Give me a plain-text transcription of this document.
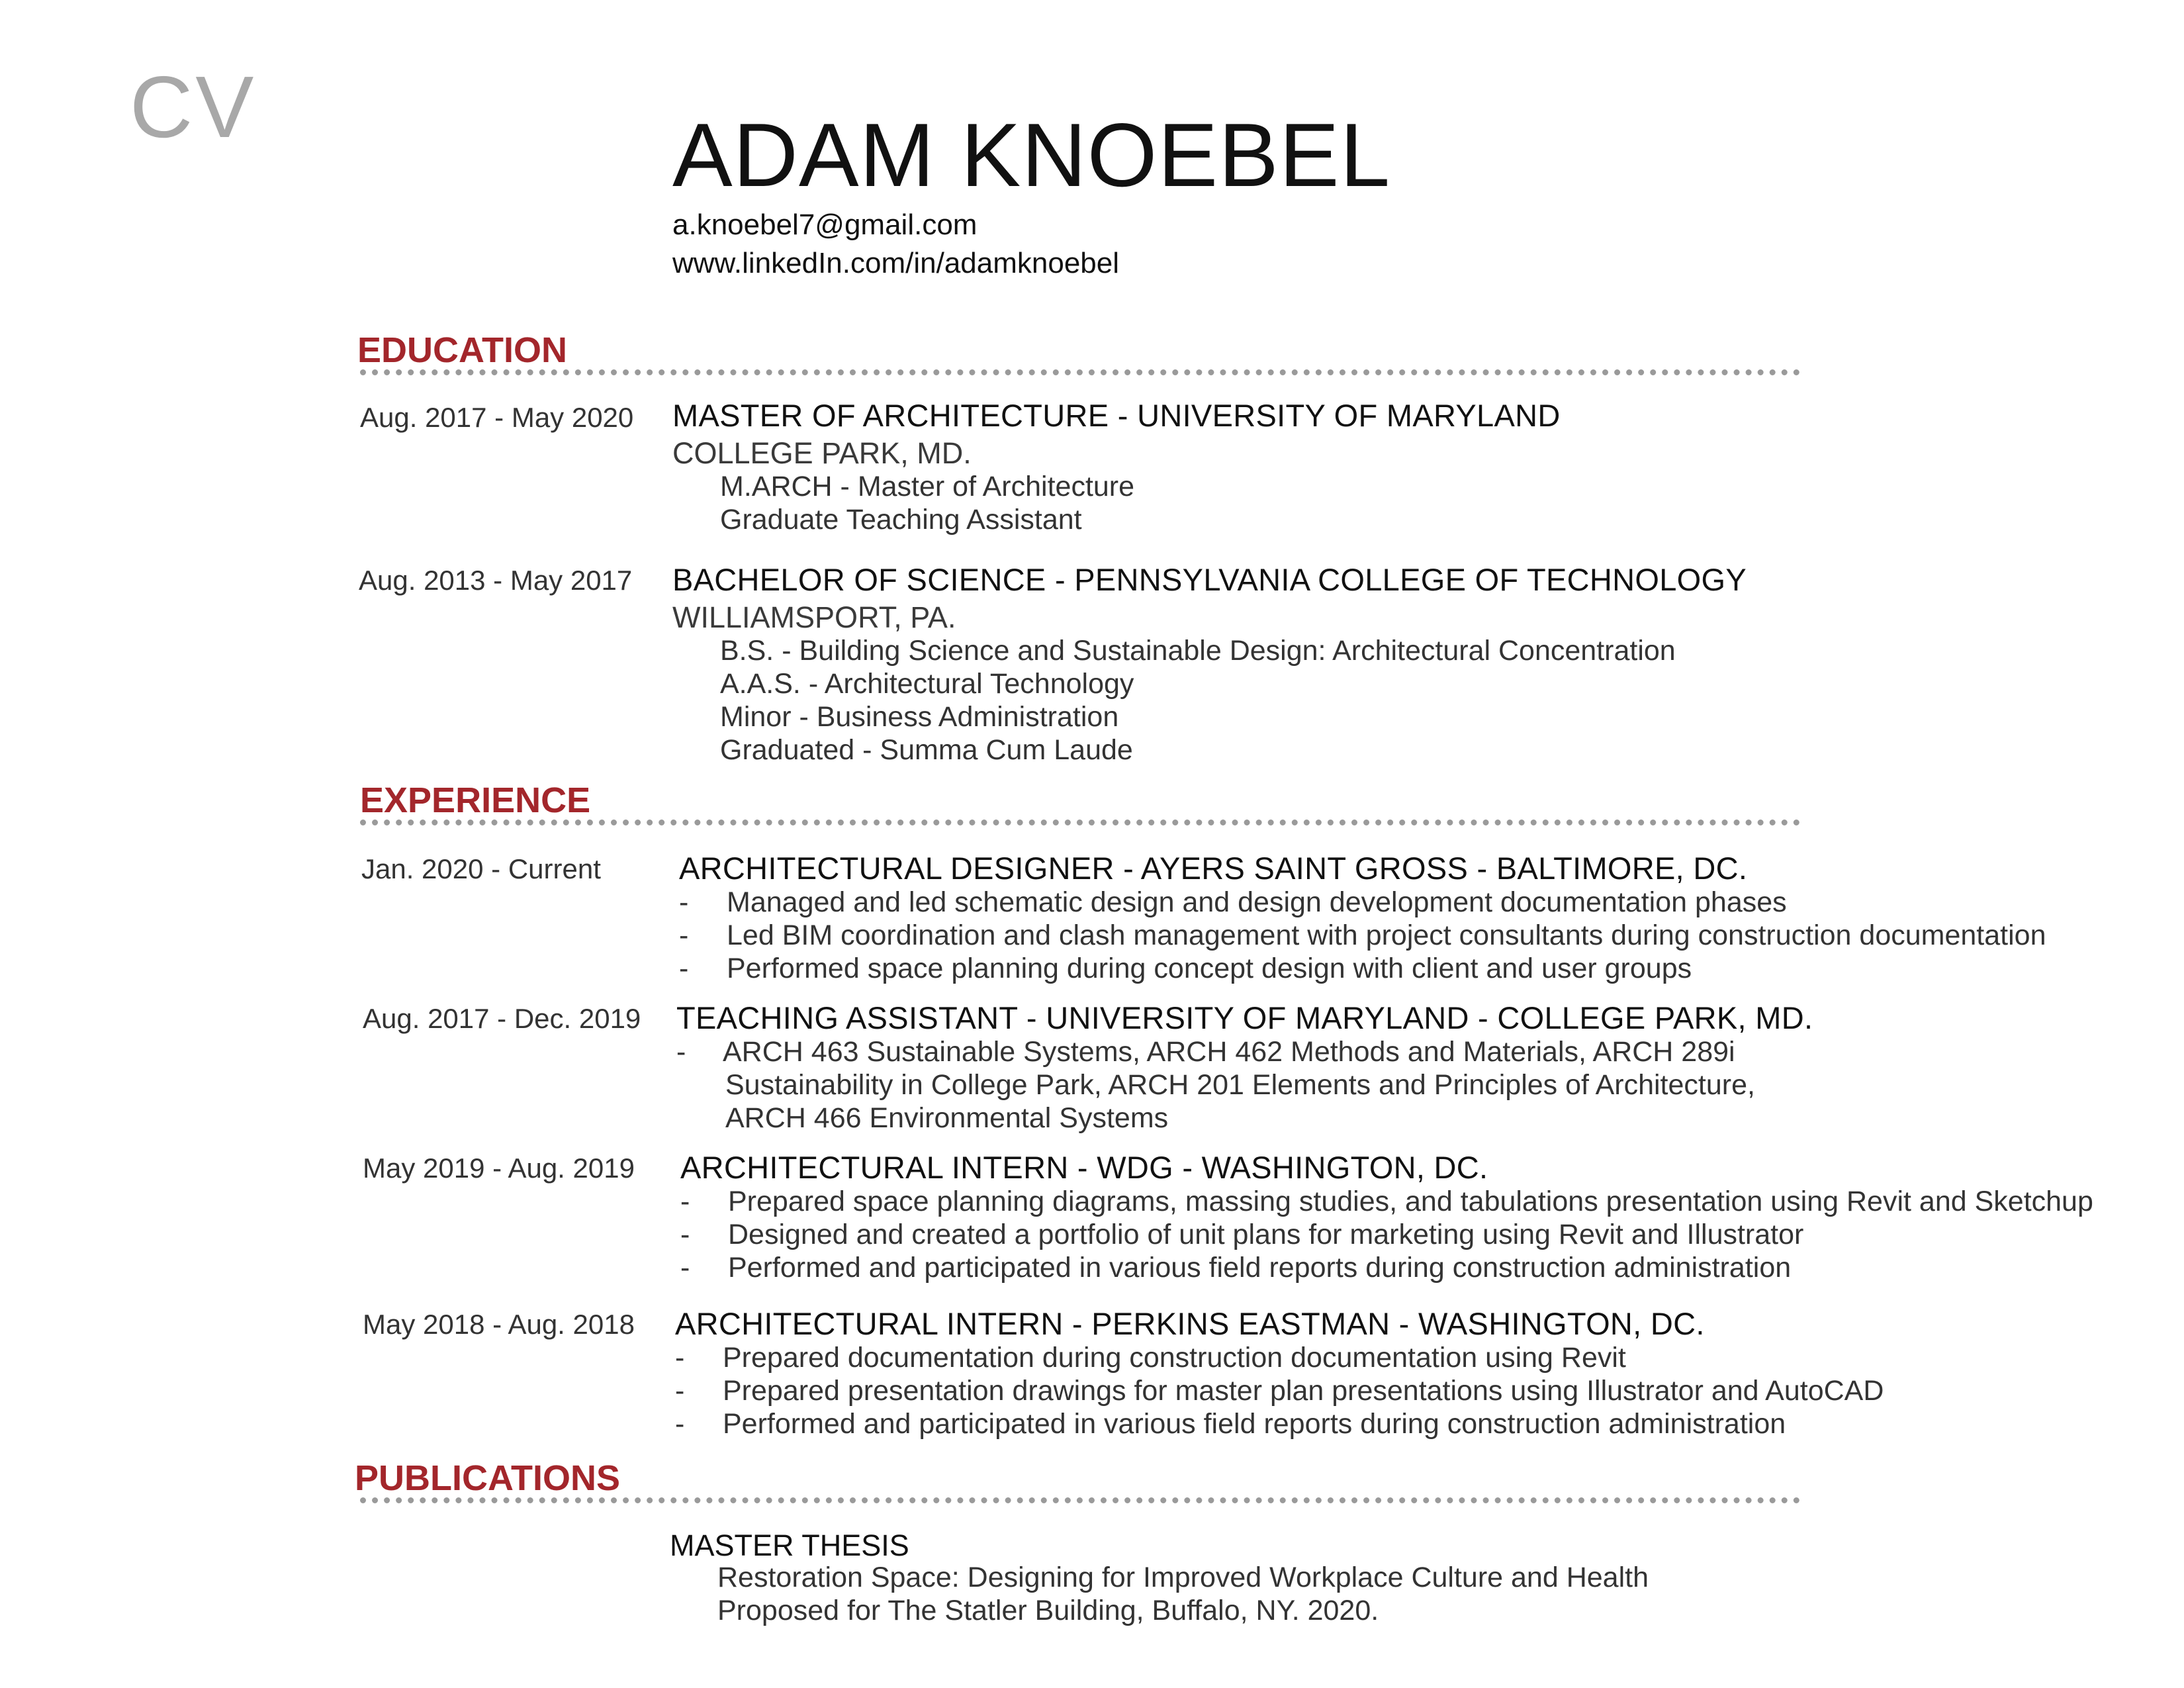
CV	ADAM KNOEBEL
a.knoebel7@gmail.com
www.linkedIn.com/in/adamknoebel
EDUCATION
Aug. 2017 - May 2020 MASTER OF ARCHITECTURE - UNIVERSITY OF MARYLAND
COLLEGE PARK, MD.
M.ARCH - Master of Architecture
Graduate Teaching Assistant
Aug. 2013 - May 2017 BACHELOR OF SCIENCE - PENNSYLVANIA COLLEGE OF TECHNOLOGY
WILLIAMSPORT, PA.
B.S. - Building Science and Sustainable Design: Architectural Concentration
A.A.S. - Architectural Technology
Minor - Business Administration
Graduated - Summa Cum Laude
EXPERIENCE
Jan. 2020 - Current	ARCHITECTURAL DESIGNER - AYERS SAINT GROSS - BALTIMORE, DC.
- Managed and led schematic design and design development documentation phases
- Led BIM coordination and clash management with project consultants during construction documentation
- Performed space planning during concept design with client and user groups
Aug. 2017 - Dec. 2019 TEACHING ASSISTANT - UNIVERSITY OF MARYLAND - COLLEGE PARK, MD.
- ARCH 463 Sustainable Systems, ARCH 462 Methods and Materials, ARCH 289i
Sustainability in College Park, ARCH 201 Elements and Principles of Architecture,
ARCH 466 Environmental Systems
May 2019 - Aug. 2019 ARCHITECTURAL INTERN - WDG - WASHINGTON, DC.
- Prepared space planning diagrams, massing studies, and tabulations presentation using Revit and Sketchup
- Designed and created a portfolio of unit plans for marketing using Revit and Illustrator
- Performed and participated in various field reports during construction administration
May 2018 - Aug. 2018 ARCHITECTURAL INTERN - PERKINS EASTMAN - WASHINGTON, DC.
- Prepared documentation during construction documentation using Revit
- Prepared presentation drawings for master plan presentations using Illustrator and AutoCAD
- Performed and participated in various field reports during construction administration
PUBLICATIONS
MASTER THESIS
Restoration Space: Designing for Improved Workplace Culture and Health
Proposed for The Statler Building, Buffalo, NY. 2020.
